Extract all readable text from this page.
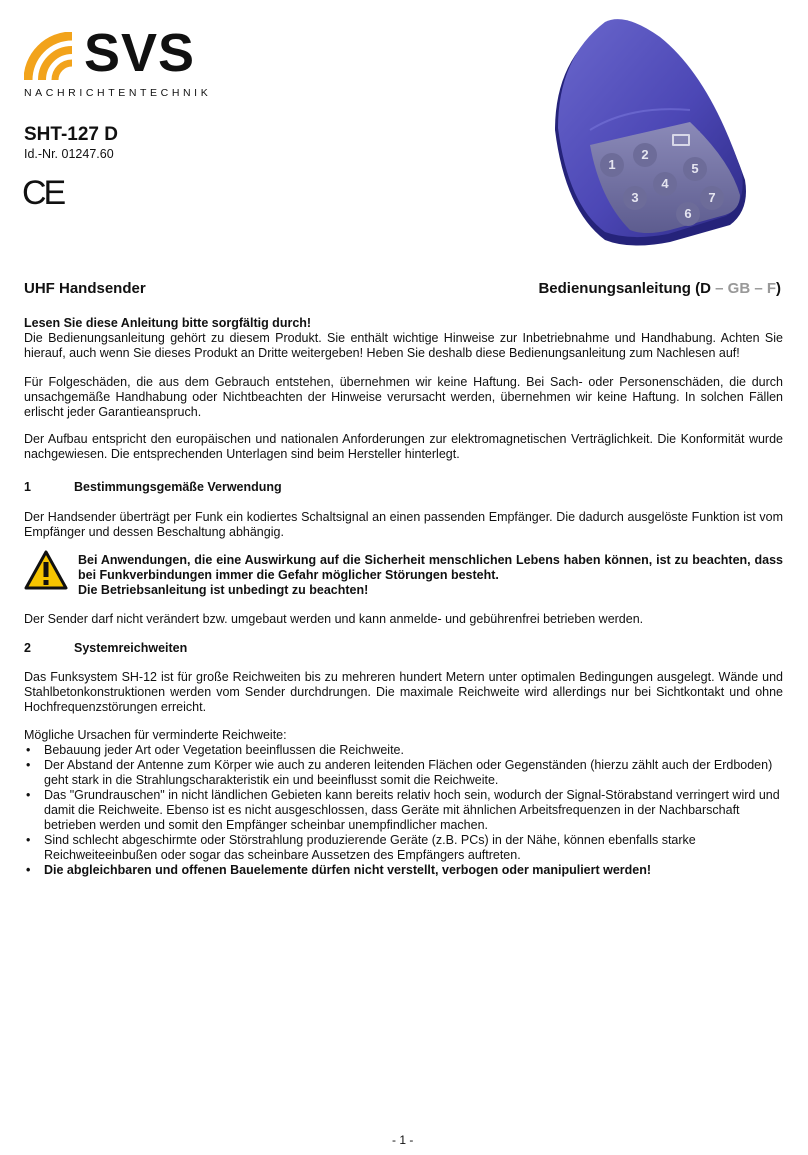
SVS
NACHRICHTENTECHNIK
SHT-127 D
Id.-Nr. 01247.60
CE
1
2
5
3
4
7
6
UHF Handsender	Bedienungsanleitung (D – GB – F)
Lesen Sie diese Anleitung bitte sorgfältig durch!
Die Bedienungsanleitung gehört zu diesem Produkt. Sie enthält wichtige Hinweise zur Inbetriebnahme und Handhabung. Achten Sie hierauf, auch wenn Sie dieses Produkt an Dritte weitergeben! Heben Sie deshalb diese Bedienungsanleitung zum Nachlesen auf!
Für Folgeschäden, die aus dem Gebrauch entstehen, übernehmen wir keine Haftung. Bei Sach- oder Personenschäden, die durch unsachgemäße Handhabung oder Nichtbeachten der Hinweise verursacht werden, übernehmen wir keine Haftung. In solchen Fällen erlischt jeder Garantieanspruch.
Der Aufbau entspricht den europäischen und nationalen Anforderungen zur elektromagnetischen Verträglichkeit. Die Konformität wurde nachgewiesen. Die entsprechenden Unterlagen sind beim Hersteller hinterlegt.
1	Bestimmungsgemäße Verwendung
Der Handsender überträgt per Funk ein kodiertes Schaltsignal an einen passenden Empfänger. Die dadurch ausgelöste Funktion ist vom Empfänger und dessen Beschaltung abhängig.
Bei Anwendungen, die eine Auswirkung auf die Sicherheit menschlichen Lebens haben können, ist zu beachten, dass bei Funkverbindungen immer die Gefahr möglicher Störungen besteht.
Die Betriebsanleitung ist unbedingt zu beachten!
Der Sender darf nicht verändert bzw. umgebaut werden und kann anmelde- und gebührenfrei betrieben werden.
2	Systemreichweiten
Das Funksystem SH-12 ist für große Reichweiten bis zu mehreren hundert Metern unter optimalen Bedingungen ausgelegt. Wände und Stahlbetonkonstruktionen werden vom Sender durchdrungen. Die maximale Reichweite wird allerdings nur bei Sichtkontakt und ohne Hochfrequenzstörungen erreicht.
Mögliche Ursachen für verminderte Reichweite:
• Bebauung jeder Art oder Vegetation beeinflussen die Reichweite.
• Der Abstand der Antenne zum Körper wie auch zu anderen leitenden Flächen oder Gegenständen (hierzu zählt auch der Erdboden) geht stark in die Strahlungscharakteristik ein und beeinflusst somit die Reichweite.
• Das "Grundrauschen" in nicht ländlichen Gebieten kann bereits relativ hoch sein, wodurch der Signal-Störabstand verringert wird und damit die Reichweite. Ebenso ist es nicht ausgeschlossen, dass Geräte mit ähnlichen Arbeitsfrequenzen in der Nachbarschaft betrieben werden und somit den Empfänger scheinbar unempfindlicher machen.
• Sind schlecht abgeschirmte oder Störstrahlung produzierende Geräte (z.B. PCs) in der Nähe, können ebenfalls starke Reichweiteeinbußen oder sogar das scheinbare Aussetzen des Empfängers auftreten.
• Die abgleichbaren und offenen Bauelemente dürfen nicht verstellt, verbogen oder manipuliert werden!
- 1 -
